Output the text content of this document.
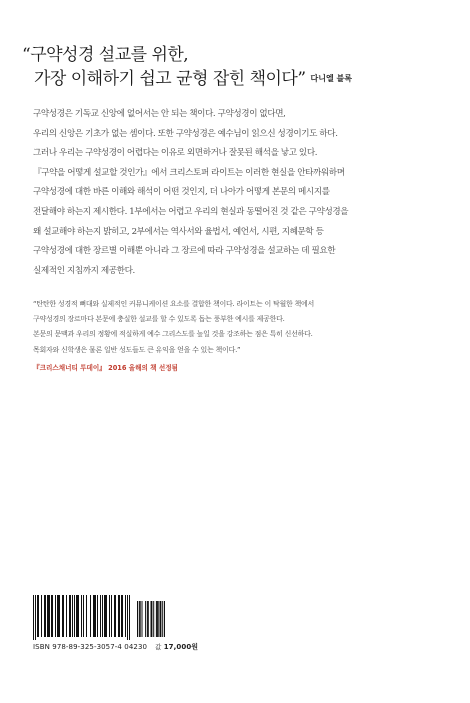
“구약성경 설교를 위한,
가장 이해하기 쉽고 균형 잡힌 책이다” 다니엘 블록
구약성경은 기독교 신앙에 없어서는 안 되는 책이다. 구약성경이 없다면,
우리의 신앙은 기초가 없는 셈이다. 또한 구약성경은 예수님이 읽으신 성경이기도 하다.
그러나 우리는 구약성경이 어렵다는 이유로 외면하거나 잘못된 해석을 낳고 있다.
『구약을 어떻게 설교할 것인가』에서 크리스토퍼 라이트는 이러한 현실을 안타까워하며
구약성경에 대한 바른 이해와 해석이 어떤 것인지, 더 나아가 어떻게 본문의 메시지를
전달해야 하는지 제시한다. 1부에서는 어렵고 우리의 현실과 동떨어진 것 같은 구약성경을
왜 설교해야 하는지 밝히고, 2부에서는 역사서와 율법서, 예언서, 시편, 지혜문학 등
구약성경에 대한 장르별 이해뿐 아니라 그 장르에 따라 구약성경을 설교하는 데 필요한
실제적인 지침까지 제공한다.
“탄탄한 성경적 뼈대와 실제적인 커뮤니케이션 요소를 결합한 책이다. 라이트는 이 탁월한 책에서
구약성경의 장르마다 본문에 충실한 설교를 할 수 있도록 돕는 풍부한 예시를 제공한다.
본문의 문맥과 우리의 정황에 적실하게 예수 그리스도를 높일 것을 강조하는 점은 특히 신선하다.
목회자와 신학생은 물론 일반 성도들도 큰 유익을 얻을 수 있는 책이다.”
『크리스채너티 투데이』 2016 올해의 책 선정됨
ISBN 978-89-325-3057-4 04230 값 17,000원
